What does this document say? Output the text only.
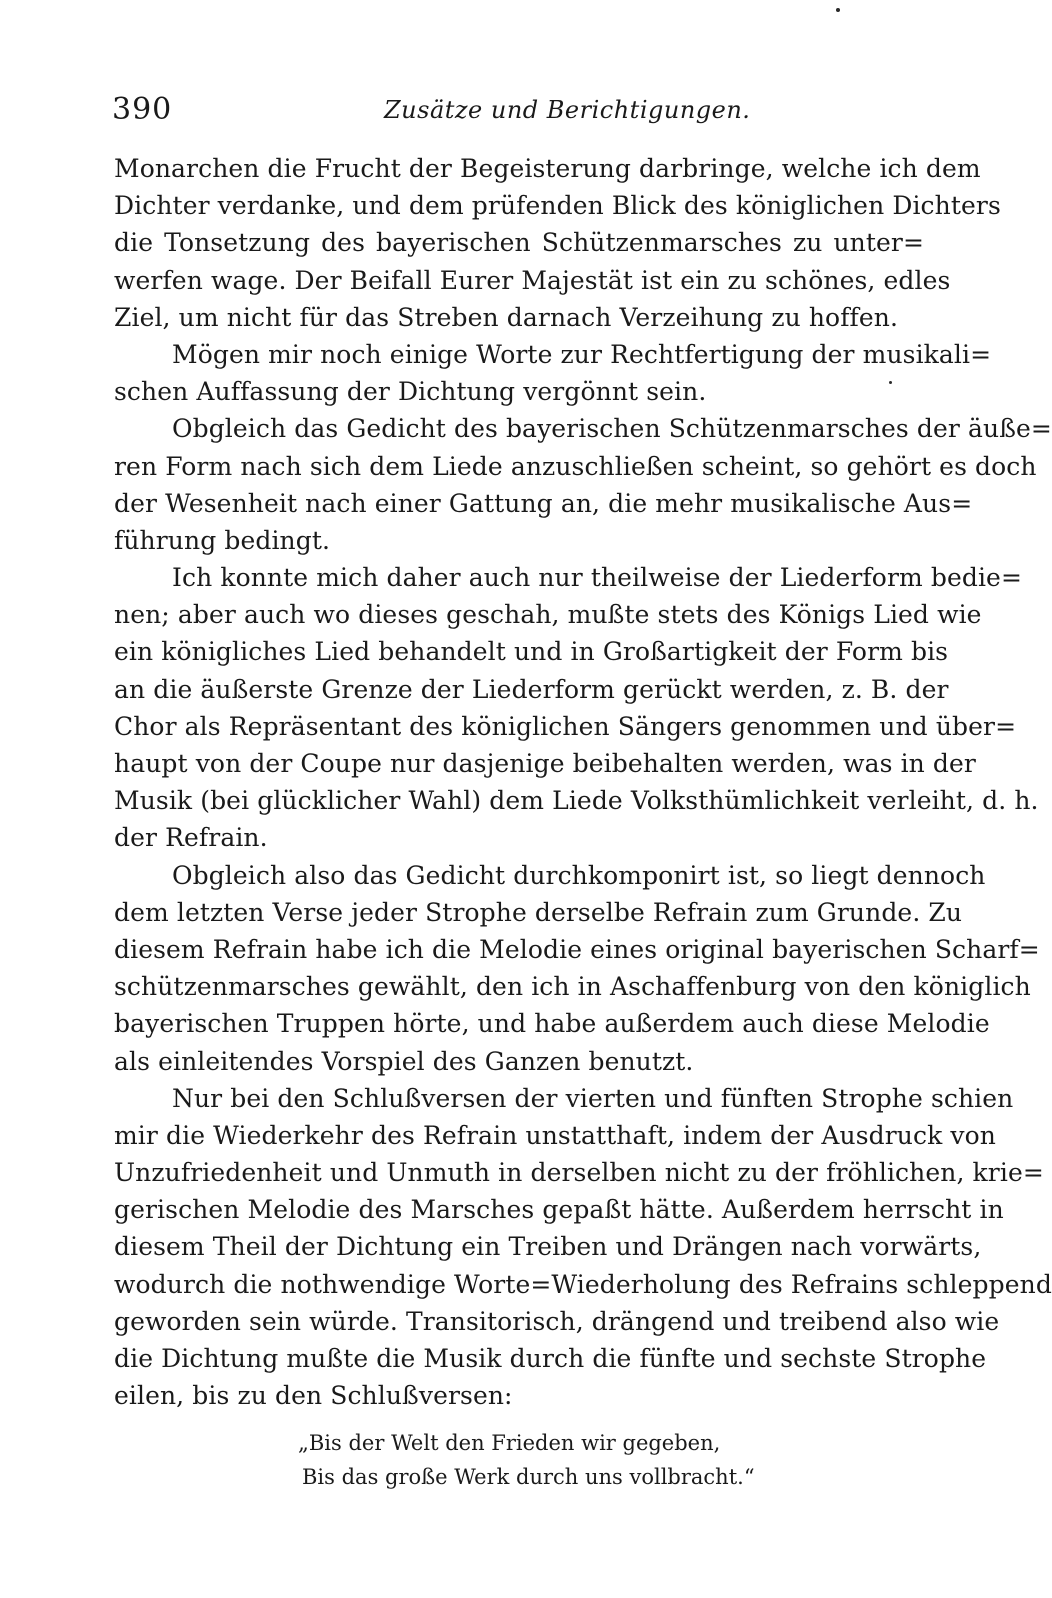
390	Zusätze und Berichtigungen.
Monarchen die Frucht der Begeisterung darbringe, welche ich dem
Dichter verdanke, und dem prüfenden Blick des königlichen Dichters
die Tonsetzung des bayerischen Schützenmarsches zu unter=
werfen wage. Der Beifall Eurer Majestät ist ein zu schönes, edles
Ziel, um nicht für das Streben darnach Verzeihung zu hoffen.
Mögen mir noch einige Worte zur Rechtfertigung der musikali=
schen Auffassung der Dichtung vergönnt sein.
Obgleich das Gedicht des bayerischen Schützenmarsches der äuße=
ren Form nach sich dem Liede anzuschließen scheint, so gehört es doch
der Wesenheit nach einer Gattung an, die mehr musikalische Aus=
führung bedingt.
Ich konnte mich daher auch nur theilweise der Liederform bedie=
nen; aber auch wo dieses geschah, mußte stets des Königs Lied wie
ein königliches Lied behandelt und in Großartigkeit der Form bis
an die äußerste Grenze der Liederform gerückt werden, z. B. der
Chor als Repräsentant des königlichen Sängers genommen und über=
haupt von der Coupe nur dasjenige beibehalten werden, was in der
Musik (bei glücklicher Wahl) dem Liede Volksthümlichkeit verleiht, d. h.
der Refrain.
Obgleich also das Gedicht durchkomponirt ist, so liegt dennoch
dem letzten Verse jeder Strophe derselbe Refrain zum Grunde. Zu
diesem Refrain habe ich die Melodie eines original bayerischen Scharf=
schützenmarsches gewählt, den ich in Aschaffenburg von den königlich
bayerischen Truppen hörte, und habe außerdem auch diese Melodie
als einleitendes Vorspiel des Ganzen benutzt.
Nur bei den Schlußversen der vierten und fünften Strophe schien
mir die Wiederkehr des Refrain unstatthaft, indem der Ausdruck von
Unzufriedenheit und Unmuth in derselben nicht zu der fröhlichen, krie=
gerischen Melodie des Marsches gepaßt hätte. Außerdem herrscht in
diesem Theil der Dichtung ein Treiben und Drängen nach vorwärts,
wodurch die nothwendige Worte=Wiederholung des Refrains schleppend
geworden sein würde. Transitorisch, drängend und treibend also wie
die Dichtung mußte die Musik durch die fünfte und sechste Strophe
eilen, bis zu den Schlußversen:
„Bis der Welt den Frieden wir gegeben,
Bis das große Werk durch uns vollbracht.“
